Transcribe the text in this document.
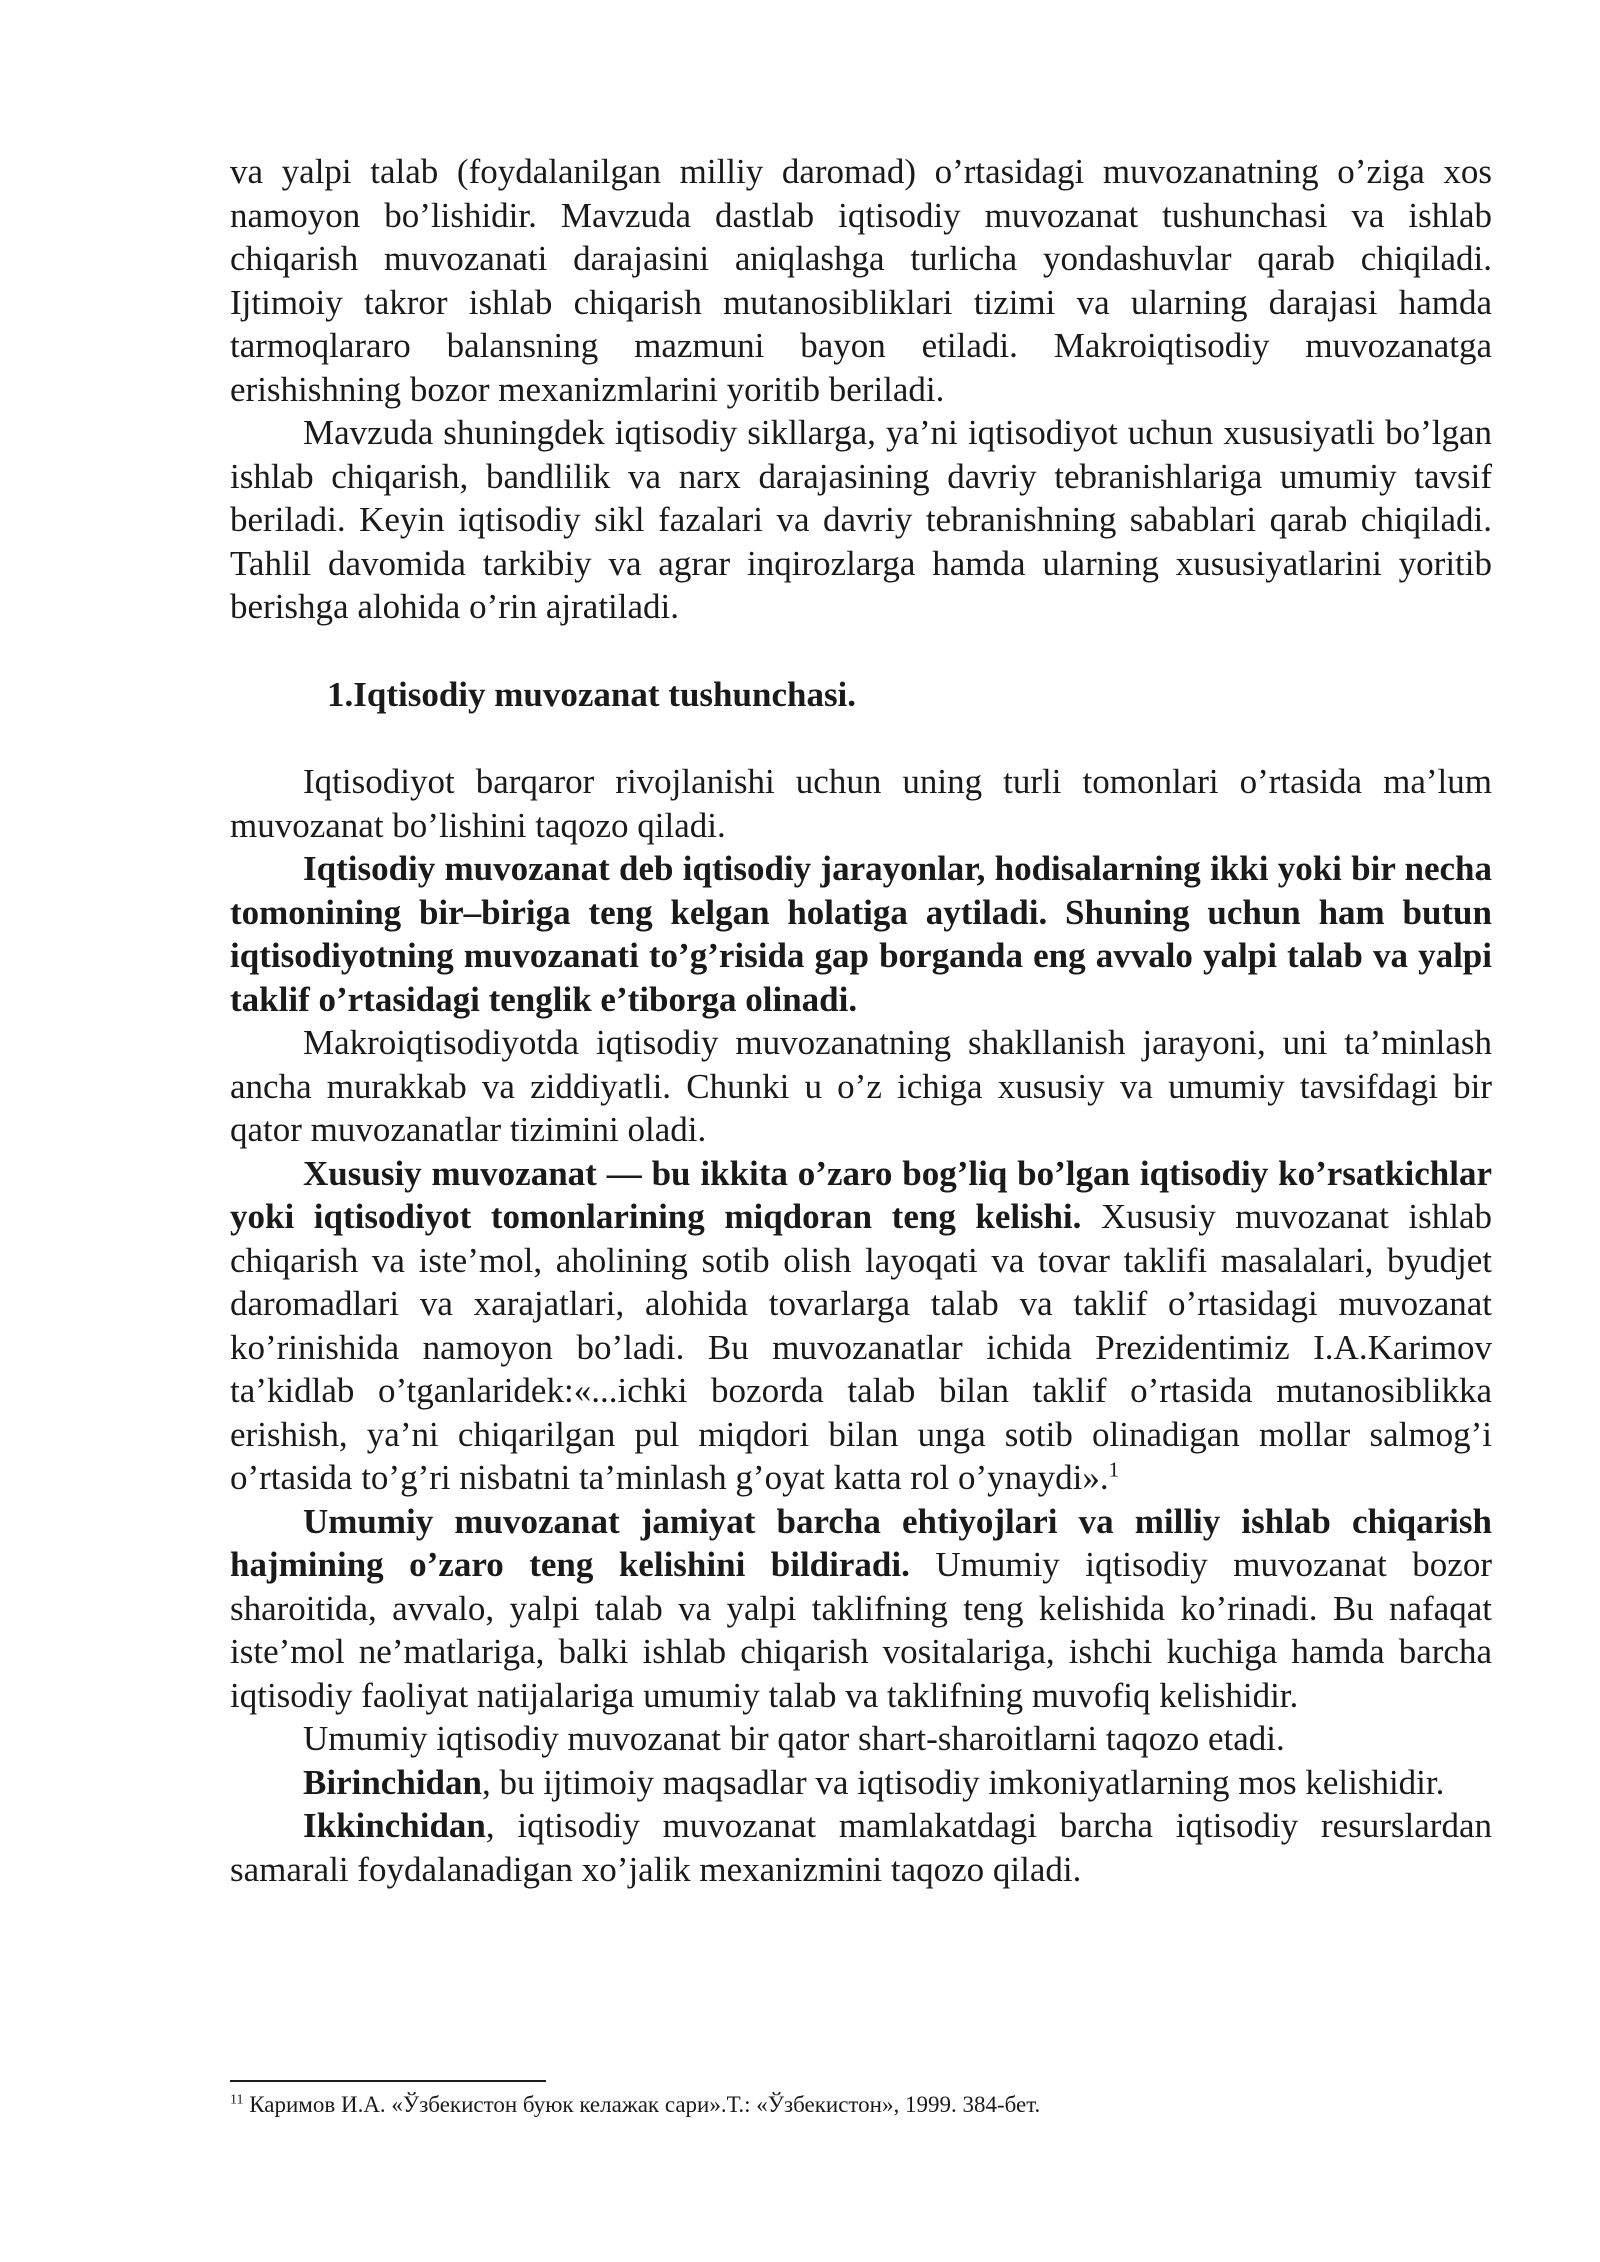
va yalpi talab (foydalanilgan milliy daromad) o’rtasidagi muvozanatning o’ziga xos namoyon bo’lishidir. Mavzuda dastlab iqtisodiy muvozanat tushunchasi va ishlab chiqarish muvozanati darajasini aniqlashga turlicha yondashuvlar qarab chiqiladi. Ijtimoiy takror ishlab chiqarish mutanosibliklari tizimi va ularning darajasi hamda tarmoqlararo balansning mazmuni bayon etiladi. Makroiqtisodiy muvozanatga erishishning bozor mexanizmlarini yoritib beriladi.

Mavzuda shuningdek iqtisodiy sikllarga, ya’ni iqtisodiyot uchun xususiyatli bo’lgan ishlab chiqarish, bandlilik va narx darajasining davriy tebranishlariga umumiy tavsif beriladi. Keyin iqtisodiy sikl fazalari va davriy tebranishning sabablari qarab chiqiladi. Tahlil davomida tarkibiy va agrar inqirozlarga hamda ularning xususiyatlarini yoritib berishga alohida o’rin ajratiladi.

1.Iqtisodiy muvozanat tushunchasi.

Iqtisodiyot barqaror rivojlanishi uchun uning turli tomonlari o’rtasida ma’lum muvozanat bo’lishini taqozo qiladi.

Iqtisodiy muvozanat deb iqtisodiy jarayonlar, hodisalarning ikki yoki bir necha tomonining bir–biriga teng kelgan holatiga aytiladi. Shuning uchun ham butun iqtisodiyotning muvozanati to’g’risida gap borganda eng avvalo yalpi talab va yalpi taklif o’rtasidagi tenglik e’tiborga olinadi.

Makroiqtisodiyotda iqtisodiy muvozanatning shakllanish jarayoni, uni ta’minlash ancha murakkab va ziddiyatli. Chunki u o’z ichiga xususiy va umumiy tavsifdagi bir qator muvozanatlar tizimini oladi.

Xususiy muvozanat — bu ikkita o’zaro bog’liq bo’lgan iqtisodiy ko’rsatkichlar yoki iqtisodiyot tomonlarining miqdoran teng kelishi. Xususiy muvozanat ishlab chiqarish va iste’mol, aholining sotib olish layoqati va tovar taklifi masalalari, byudjet daromadlari va xarajatlari, alohida tovarlarga talab va taklif o’rtasidagi muvozanat ko’rinishida namoyon bo’ladi. Bu muvozanatlar ichida Prezidentimiz I.A.Karimov ta’kidlab o’tganlaridek:«...ichki bozorda talab bilan taklif o’rtasida mutanosiblikka erishish, ya’ni chiqarilgan pul miqdori bilan unga sotib olinadigan mollar salmog’i o’rtasida to’g’ri nisbatni ta’minlash g’oyat katta rol o’ynaydi».$^1$

Umumiy muvozanat jamiyat barcha ehtiyojlari va milliy ishlab chiqarish hajmining o’zaro teng kelishini bildiradi. Umumiy iqtisodiy muvozanat bozor sharoitida, avvalo, yalpi talab va yalpi taklifning teng kelishida ko’rinadi. Bu nafaqat iste’mol ne’matlariga, balki ishlab chiqarish vositalariga, ishchi kuchiga hamda barcha iqtisodiy faoliyat natijalariga umumiy talab va taklifning muvofiq kelishidir.

Umumiy iqtisodiy muvozanat bir qator shart-sharoitlarni taqozo etadi.

Birinchidan, bu ijtimoiy maqsadlar va iqtisodiy imkoniyatlarning mos kelishidir.

Ikkinchidan, iqtisodiy muvozanat mamlakatdagi barcha iqtisodiy resurslardan samarali foydalanadigan xo’jalik mexanizmini taqozo qiladi.

$^{11}$ Каримов И.А. «Ўзбекистон буюк келажак сари».Т.: «Ўзбекистон», 1999. 384-бет.
